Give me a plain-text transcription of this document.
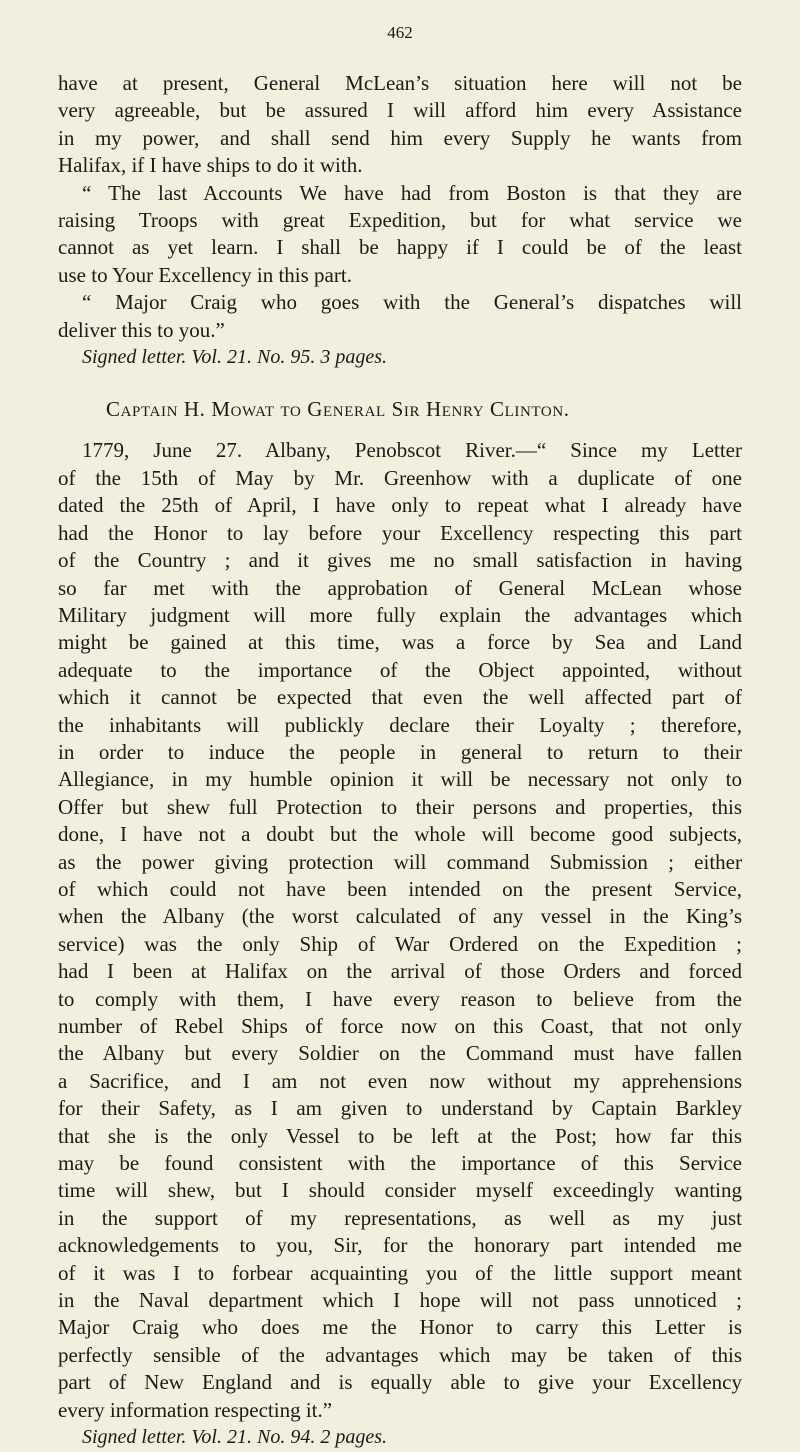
462
have at present, General McLean’s situation here will not be
very agreeable, but be assured I will afford him every Assistance
in my power, and shall send him every Supply he wants from
Halifax, if I have ships to do it with.
“ The last Accounts We have had from Boston is that they are
raising Troops with great Expedition, but for what service we
cannot as yet learn. I shall be happy if I could be of the least
use to Your Excellency in this part.
“ Major Craig who goes with the General’s dispatches will
deliver this to you.”
Signed letter. Vol. 21. No. 95. 3 pages.
Captain H. Mowat to General Sir Henry Clinton.
1779, June 27. Albany, Penobscot River.—“ Since my Letter
of the 15th of May by Mr. Greenhow with a duplicate of one
dated the 25th of April, I have only to repeat what I already have
had the Honor to lay before your Excellency respecting this part
of the Country ; and it gives me no small satisfaction in having
so far met with the approbation of General McLean whose
Military judgment will more fully explain the advantages which
might be gained at this time, was a force by Sea and Land
adequate to the importance of the Object appointed, without
which it cannot be expected that even the well affected part of
the inhabitants will publickly declare their Loyalty ; therefore,
in order to induce the people in general to return to their
Allegiance, in my humble opinion it will be necessary not only to
Offer but shew full Protection to their persons and properties, this
done, I have not a doubt but the whole will become good subjects,
as the power giving protection will command Submission ; either
of which could not have been intended on the present Service,
when the Albany (the worst calculated of any vessel in the King’s
service) was the only Ship of War Ordered on the Expedition ;
had I been at Halifax on the arrival of those Orders and forced
to comply with them, I have every reason to believe from the
number of Rebel Ships of force now on this Coast, that not only
the Albany but every Soldier on the Command must have fallen
a Sacrifice, and I am not even now without my apprehensions
for their Safety, as I am given to understand by Captain Barkley
that she is the only Vessel to be left at the Post; how far this
may be found consistent with the importance of this Service
time will shew, but I should consider myself exceedingly wanting
in the support of my representations, as well as my just
acknowledgements to you, Sir, for the honorary part intended me
of it was I to forbear acquainting you of the little support meant
in the Naval department which I hope will not pass unnoticed ;
Major Craig who does me the Honor to carry this Letter is
perfectly sensible of the advantages which may be taken of this
part of New England and is equally able to give your Excellency
every information respecting it.”
Signed letter. Vol. 21. No. 94. 2 pages.
